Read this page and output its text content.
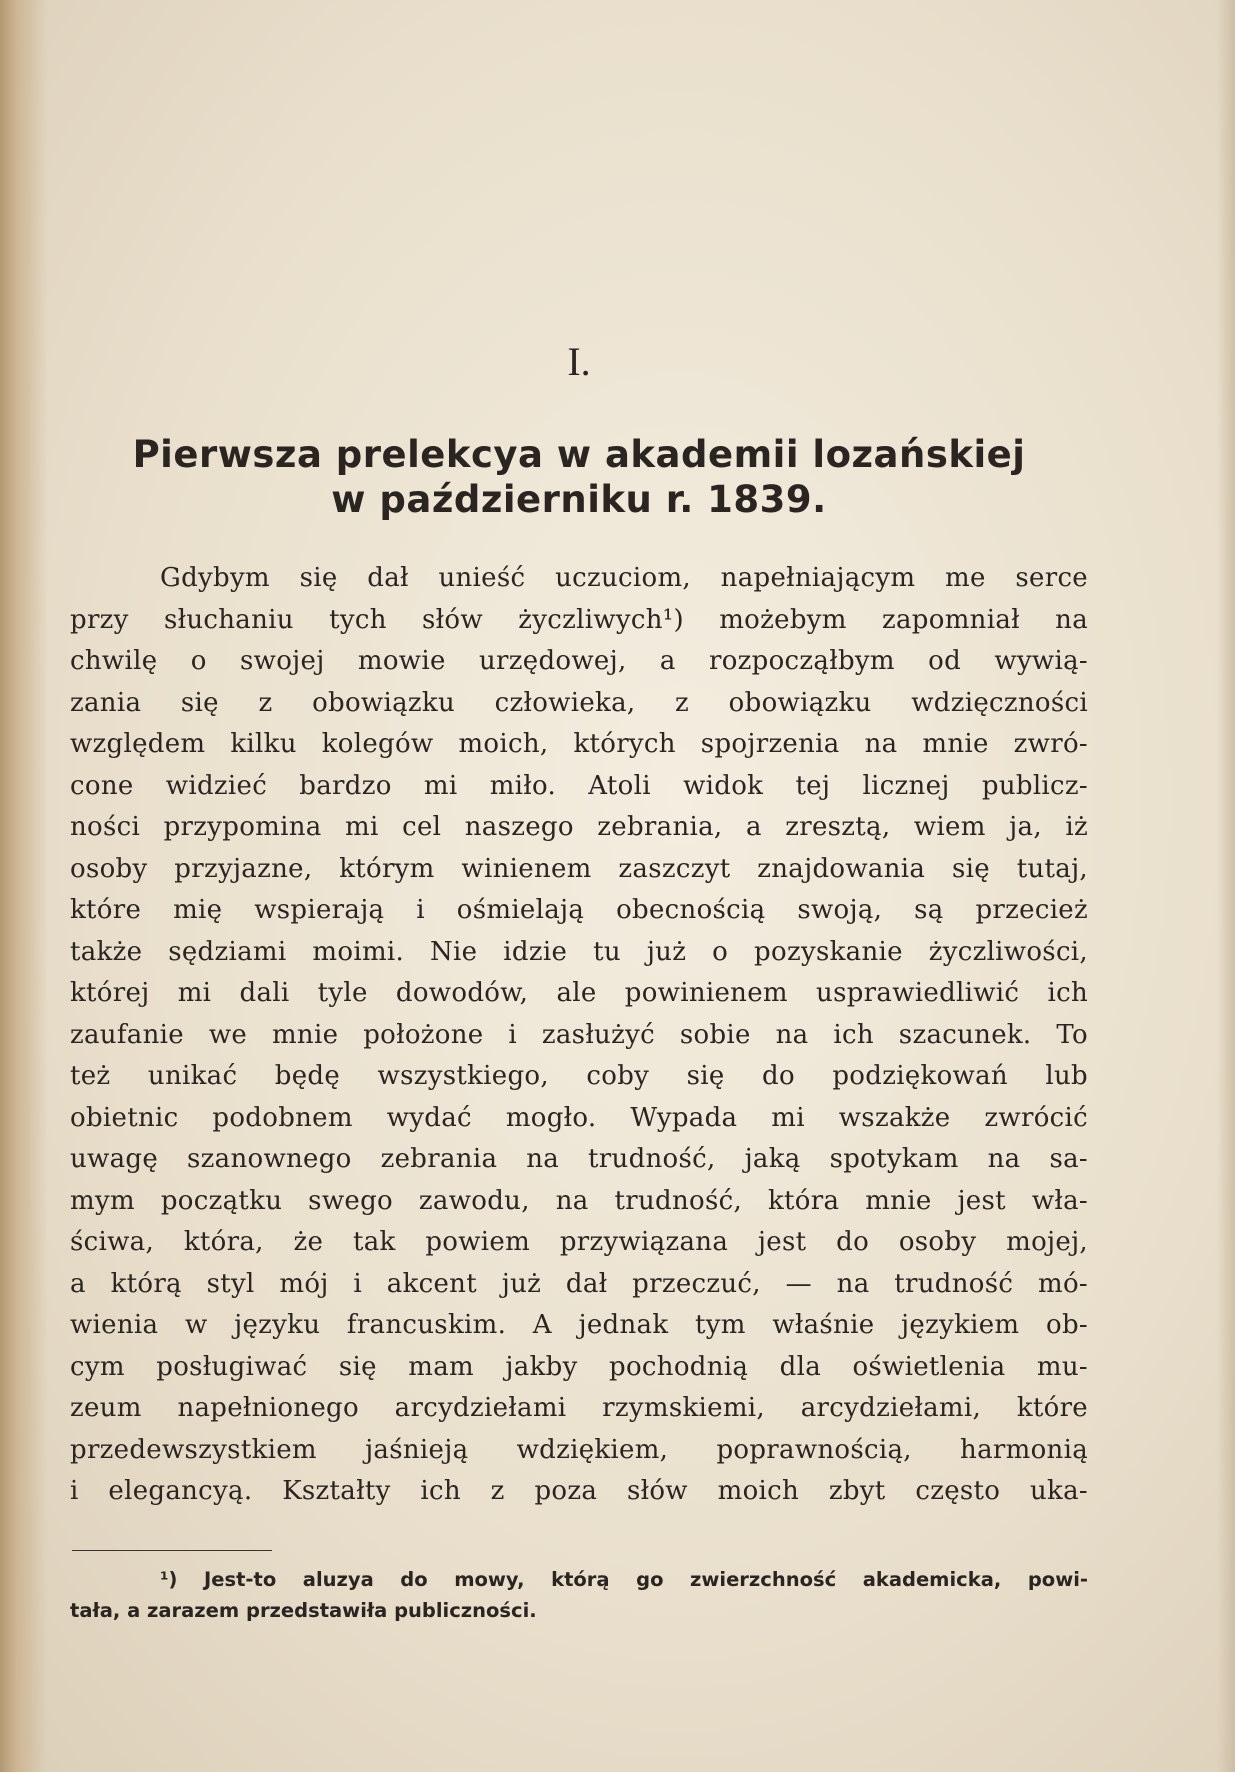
I.
Pierwsza prelekcya w akademii lozańskiej
w październiku r. 1839.
Gdybym się dał unieść uczuciom, napełniającym me serce
przy słuchaniu tych słów życzliwych¹) możebym zapomniał na
chwilę o swojej mowie urzędowej, a rozpocząłbym od wywią-
zania się z obowiązku człowieka, z obowiązku wdzięczności
względem kilku kolegów moich, których spojrzenia na mnie zwró-
cone widzieć bardzo mi miło. Atoli widok tej licznej publicz-
ności przypomina mi cel naszego zebrania, a zresztą, wiem ja, iż
osoby przyjazne, którym winienem zaszczyt znajdowania się tutaj,
które mię wspierają i ośmielają obecnością swoją, są przecież
także sędziami moimi. Nie idzie tu już o pozyskanie życzliwości,
której mi dali tyle dowodów, ale powinienem usprawiedliwić ich
zaufanie we mnie położone i zasłużyć sobie na ich szacunek. To
też unikać będę wszystkiego, coby się do podziękowań lub
obietnic podobnem wydać mogło. Wypada mi wszakże zwrócić
uwagę szanownego zebrania na trudność, jaką spotykam na sa-
mym początku swego zawodu, na trudność, która mnie jest wła-
ściwa, która, że tak powiem przywiązana jest do osoby mojej,
a którą styl mój i akcent już dał przeczuć, — na trudność mó-
wienia w języku francuskim. A jednak tym właśnie językiem ob-
cym posługiwać się mam jakby pochodnią dla oświetlenia mu-
zeum napełnionego arcydziełami rzymskiemi, arcydziełami, które
przedewszystkiem jaśnieją wdziękiem, poprawnością, harmonią
i elegancyą. Kształty ich z poza słów moich zbyt często uka-
¹) Jest-to aluzya do mowy, którą go zwierzchność akademicka, powi-
tała, a zarazem przedstawiła publiczności.
